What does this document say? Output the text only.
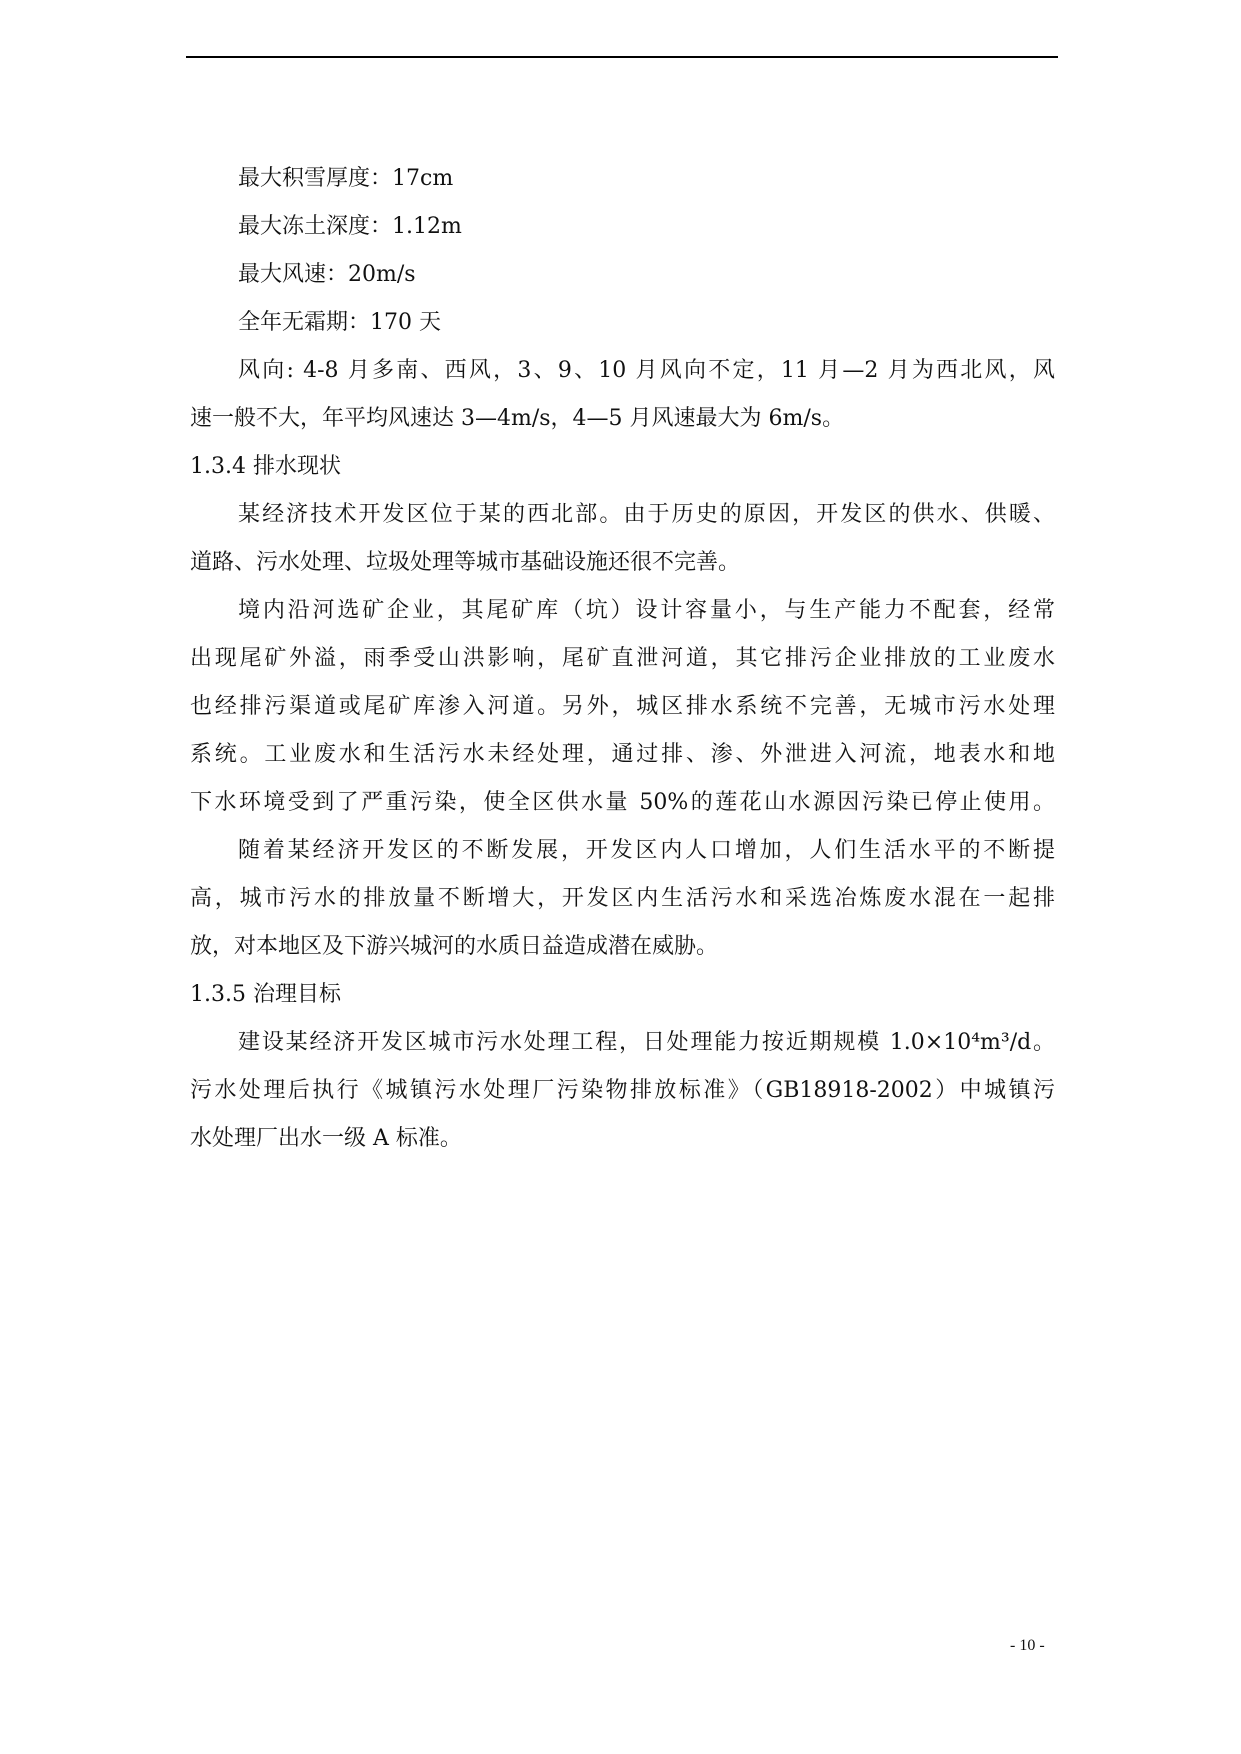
最大积雪厚度：17cm
最大冻土深度：1.12m
最大风速：20m/s
全年无霜期：170 天
风向: 4-8 月多南、西风，3、9、10 月风向不定，11 月—2 月为西北风，风
速一般不大，年平均风速达 3—4m/s，4—5 月风速最大为 6m/s。
1.3.4 排水现状
某经济技术开发区位于某的西北部。由于历史的原因，开发区的供水、供暖、
道路、污水处理、垃圾处理等城市基础设施还很不完善。
境内沿河选矿企业，其尾矿库（坑）设计容量小，与生产能力不配套，经常
出现尾矿外溢，雨季受山洪影响，尾矿直泄河道，其它排污企业排放的工业废水
也经排污渠道或尾矿库渗入河道。另外，城区排水系统不完善，无城市污水处理
系统。工业废水和生活污水未经处理，通过排、渗、外泄进入河流，地表水和地
下水环境受到了严重污染，使全区供水量 50%的莲花山水源因污染已停止使用。
随着某经济开发区的不断发展，开发区内人口增加，人们生活水平的不断提
高，城市污水的排放量不断增大，开发区内生活污水和采选冶炼废水混在一起排
放，对本地区及下游兴城河的水质日益造成潜在威胁。
1.3.5 治理目标
建设某经济开发区城市污水处理工程，日处理能力按近期规模 1.0×10⁴m³/d。
污水处理后执行《城镇污水处理厂污染物排放标准》（GB18918-2002）中城镇污
水处理厂出水一级 A 标准。
- 10 -
